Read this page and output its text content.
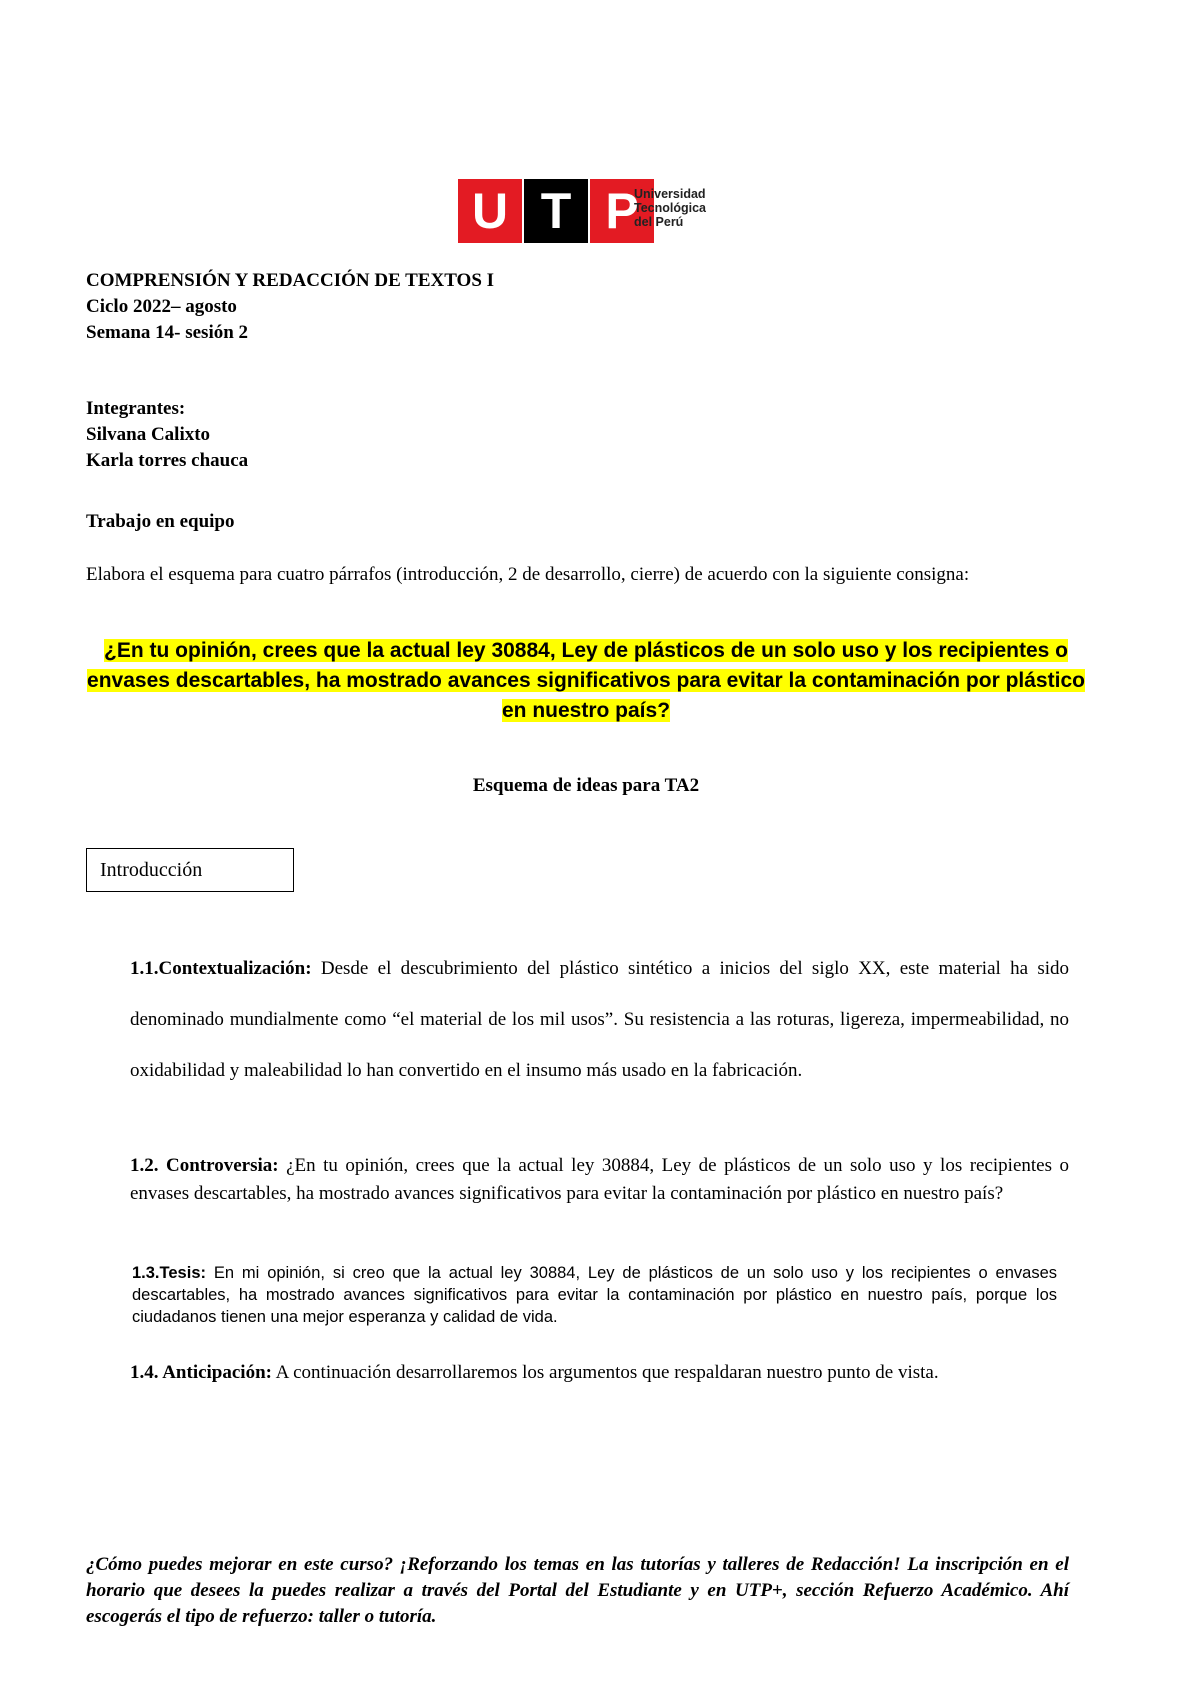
U T P
Universidad
Tecnológica
del Perú
COMPRENSIÓN Y REDACCIÓN DE TEXTOS I
Ciclo 2022– agosto
Semana 14- sesión 2
Integrantes:
Silvana Calixto
Karla torres chauca
Trabajo en equipo
Elabora el esquema para cuatro párrafos (introducción, 2 de desarrollo, cierre) de acuerdo con la siguiente consigna:
¿En tu opinión, crees que la actual ley 30884, Ley de plásticos de un solo uso y los recipientes o envases descartables, ha mostrado avances significativos para evitar la contaminación por plástico en nuestro país?
Esquema de ideas para TA2
Introducción
1.1.Contextualización: Desde el descubrimiento del plástico sintético a inicios del siglo XX, este material ha sido denominado mundialmente como “el material de los mil usos”. Su resistencia a las roturas, ligereza, impermeabilidad, no oxidabilidad y maleabilidad lo han convertido en el insumo más usado en la fabricación.
1.2. Controversia: ¿En tu opinión, crees que la actual ley 30884, Ley de plásticos de un solo uso y los recipientes o envases descartables, ha mostrado avances significativos para evitar la contaminación por plástico en nuestro país?
1.3.Tesis: En mi opinión, si creo que la actual ley 30884, Ley de plásticos de un solo uso y los recipientes o envases descartables, ha mostrado avances significativos para evitar la contaminación por plástico en nuestro país, porque los ciudadanos tienen una mejor esperanza y calidad de vida.
1.4. Anticipación: A continuación desarrollaremos los argumentos que respaldaran nuestro punto de vista.
¿Cómo puedes mejorar en este curso? ¡Reforzando los temas en las tutorías y talleres de Redacción! La inscripción en el horario que desees la puedes realizar a través del Portal del Estudiante y en UTP+, sección Refuerzo Académico. Ahí escogerás el tipo de refuerzo: taller o tutoría.
